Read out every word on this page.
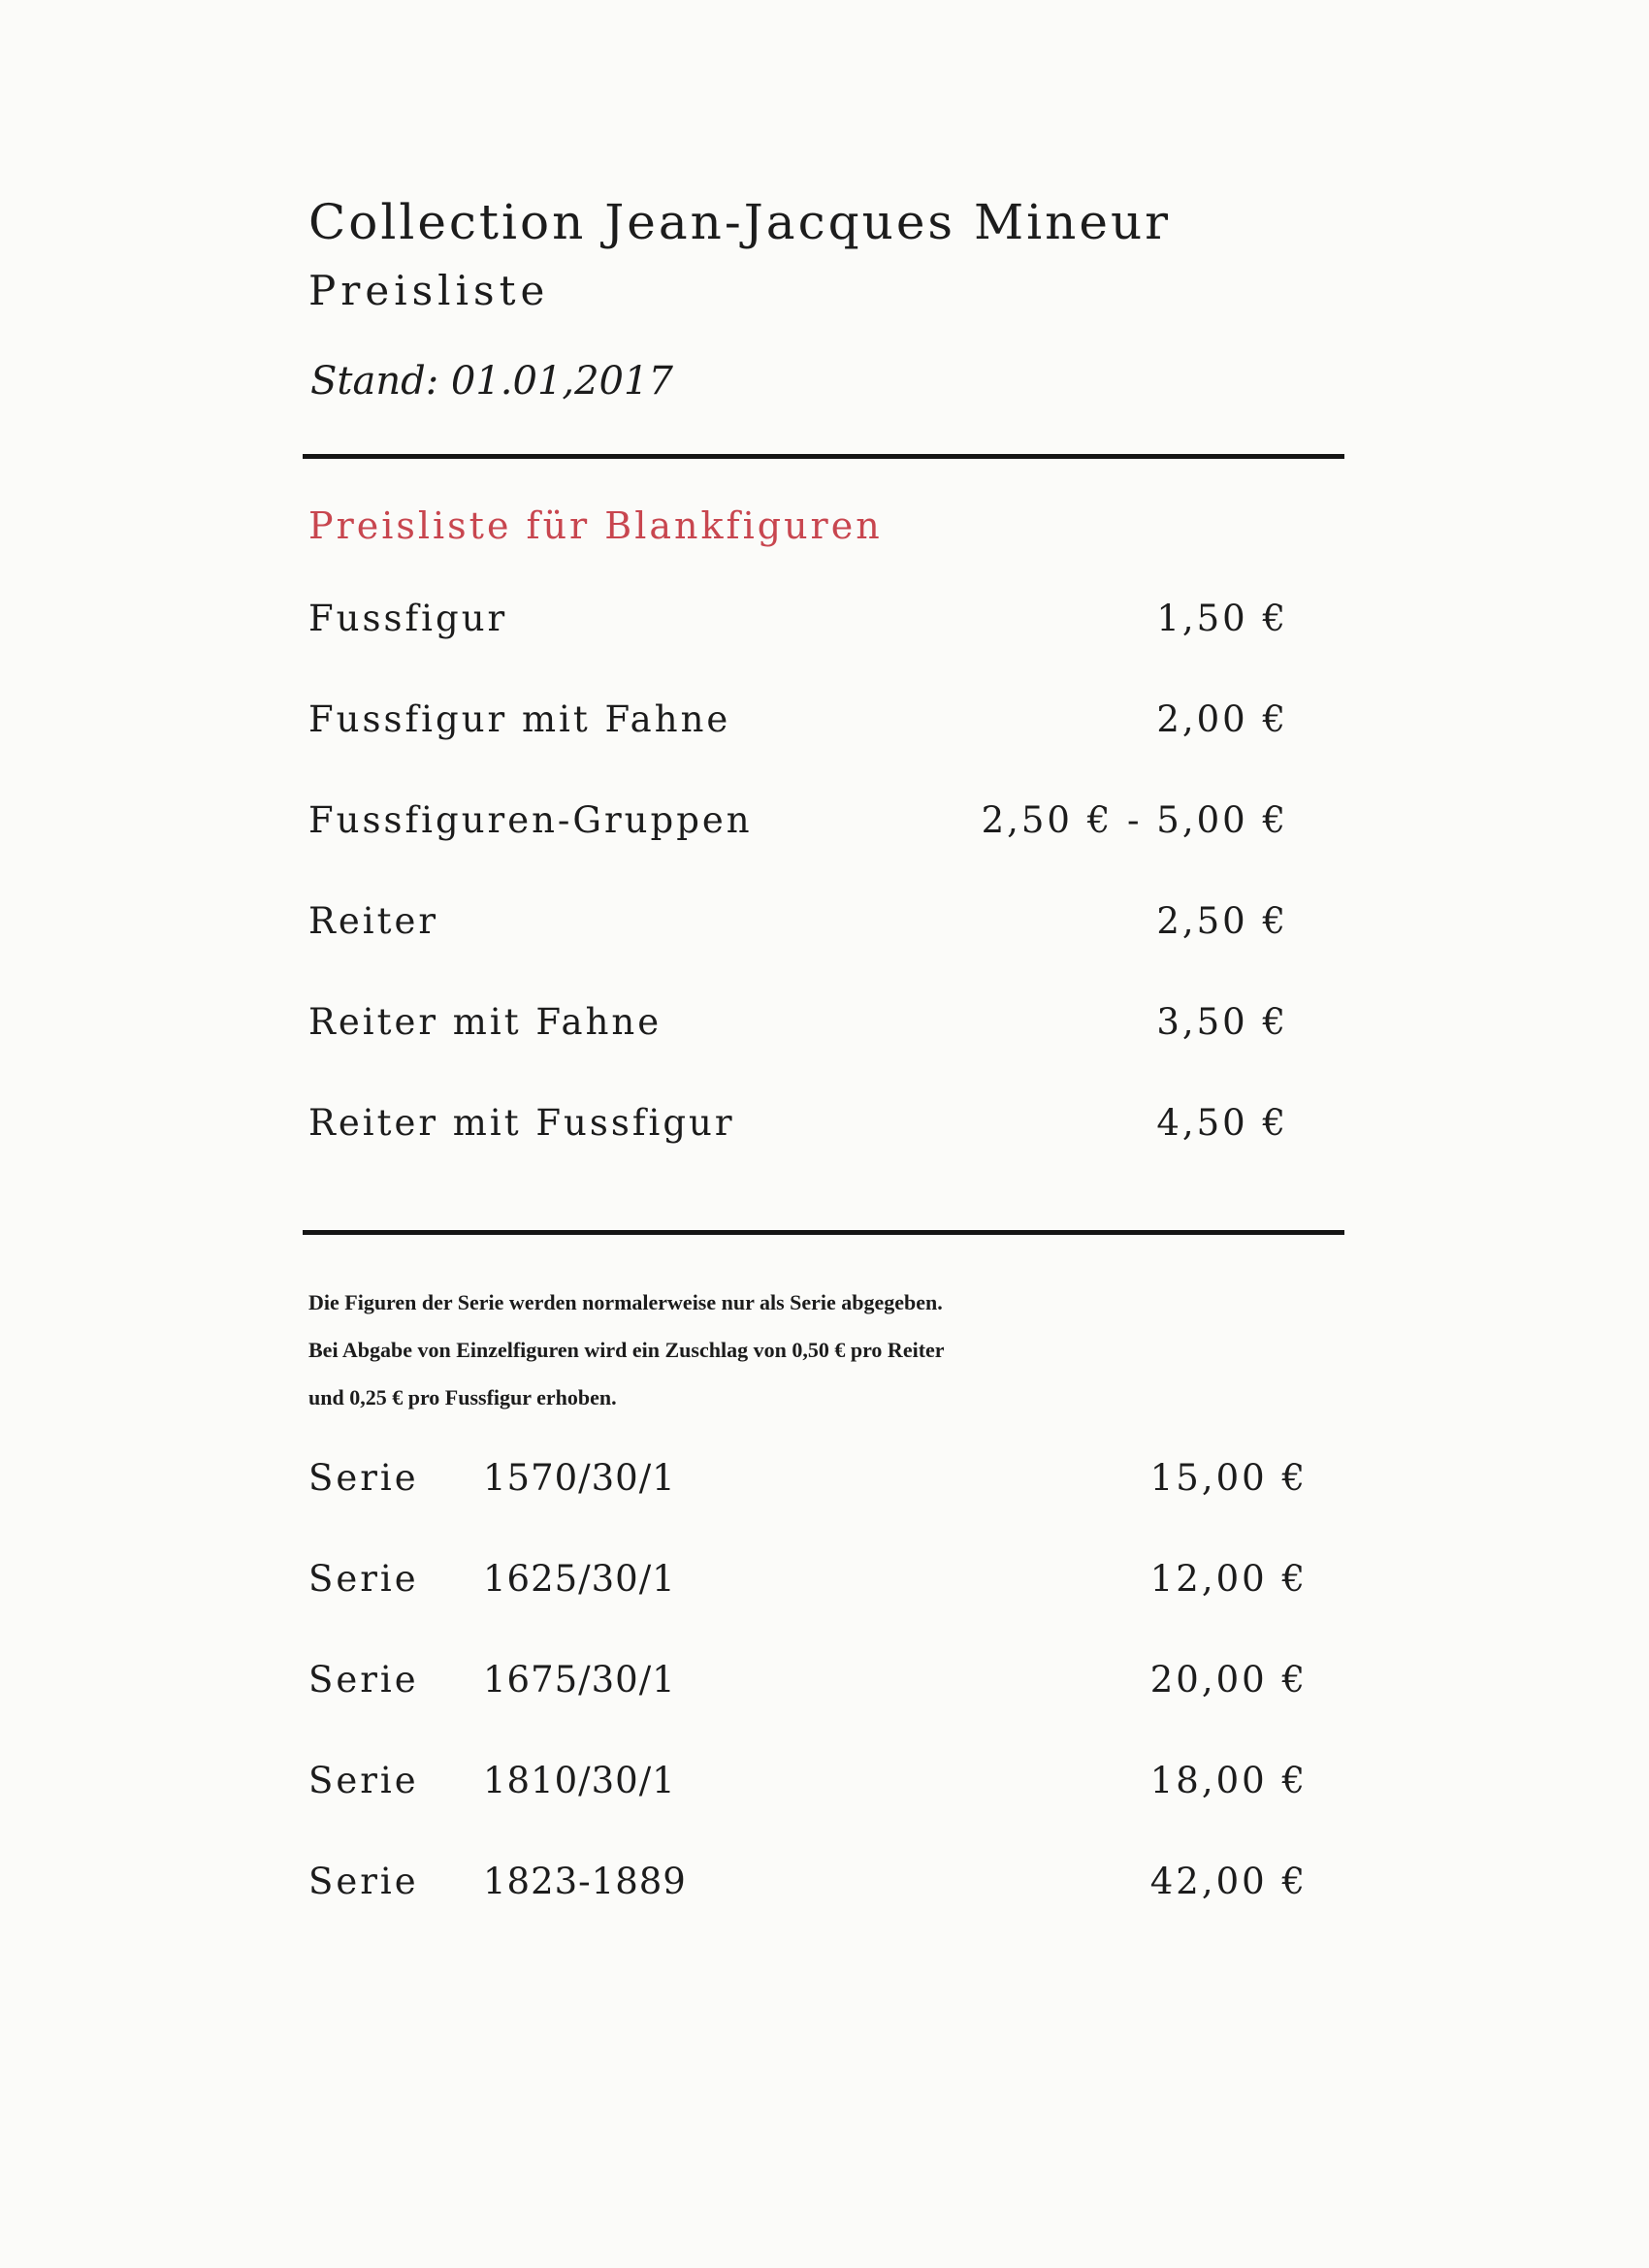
Collection Jean-Jacques Mineur
Preisliste
Stand: 01.01,2017
Preisliste für Blankfiguren
Fussfigur	1,50 €
Fussfigur mit Fahne	2,00 €
Fussfiguren-Gruppen	2,50 € - 5,00 €
Reiter	2,50 €
Reiter mit Fahne	3,50 €
Reiter mit Fussfigur	4,50 €
Die Figuren der Serie werden normalerweise nur als Serie abgegeben.
Bei Abgabe von Einzelfiguren wird ein Zuschlag von 0,50 € pro Reiter
und 0,25 € pro Fussfigur erhoben.
Serie 1570/30/1	15,00 €
Serie 1625/30/1	12,00 €
Serie 1675/30/1	20,00 €
Serie 1810/30/1	18,00 €
Serie 1823-1889	42,00 €
